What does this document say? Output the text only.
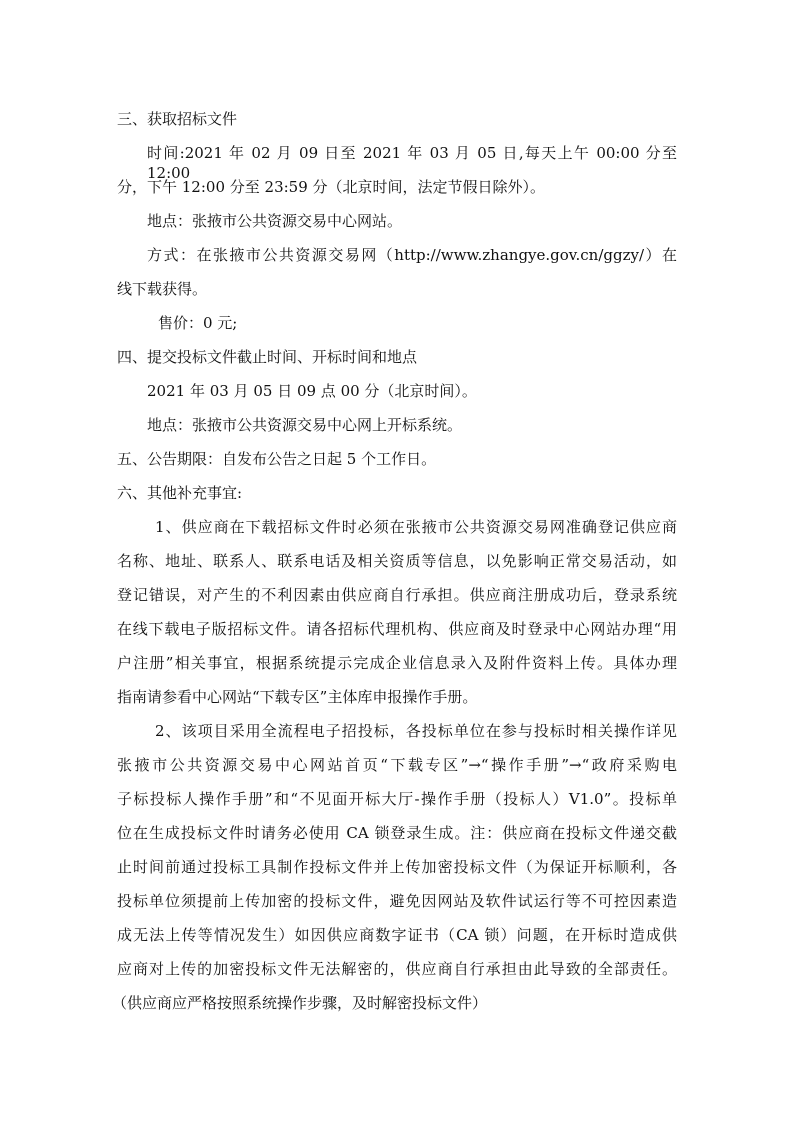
三、获取招标文件
时间:2021 年 02 月 09 日至 2021 年 03 月 05 日,每天上午 00:00 分至 12:00
分，下午 12:00 分至 23:59 分（北京时间，法定节假日除外）。
地点：张掖市公共资源交易中心网站。
方式：在张掖市公共资源交易网（http://www.zhangye.gov.cn/ggzy/）在
线下载获得。
售价：0 元;
四、提交投标文件截止时间、开标时间和地点
2021 年 03 月 05 日 09 点 00 分（北京时间）。
地点：张掖市公共资源交易中心网上开标系统。
五、公告期限：自发布公告之日起 5 个工作日。
六、其他补充事宜:
1、供应商在下载招标文件时必须在张掖市公共资源交易网准确登记供应商
名称、地址、联系人、联系电话及相关资质等信息，以免影响正常交易活动，如
登记错误，对产生的不利因素由供应商自行承担。供应商注册成功后，登录系统
在线下载电子版招标文件。请各招标代理机构、供应商及时登录中心网站办理“用
户注册”相关事宜，根据系统提示完成企业信息录入及附件资料上传。具体办理
指南请参看中心网站“下载专区”主体库申报操作手册。
2、该项目采用全流程电子招投标，各投标单位在参与投标时相关操作详见
张掖市公共资源交易中心网站首页“下载专区”→“操作手册”→“政府采购电
子标投标人操作手册”和“不见面开标大厅-操作手册（投标人）V1.0”。投标单
位在生成投标文件时请务必使用 CA 锁登录生成。注：供应商在投标文件递交截
止时间前通过投标工具制作投标文件并上传加密投标文件（为保证开标顺利，各
投标单位须提前上传加密的投标文件，避免因网站及软件试运行等不可控因素造
成无法上传等情况发生）如因供应商数字证书（CA 锁）问题，在开标时造成供
应商对上传的加密投标文件无法解密的，供应商自行承担由此导致的全部责任。
（供应商应严格按照系统操作步骤，及时解密投标文件）
